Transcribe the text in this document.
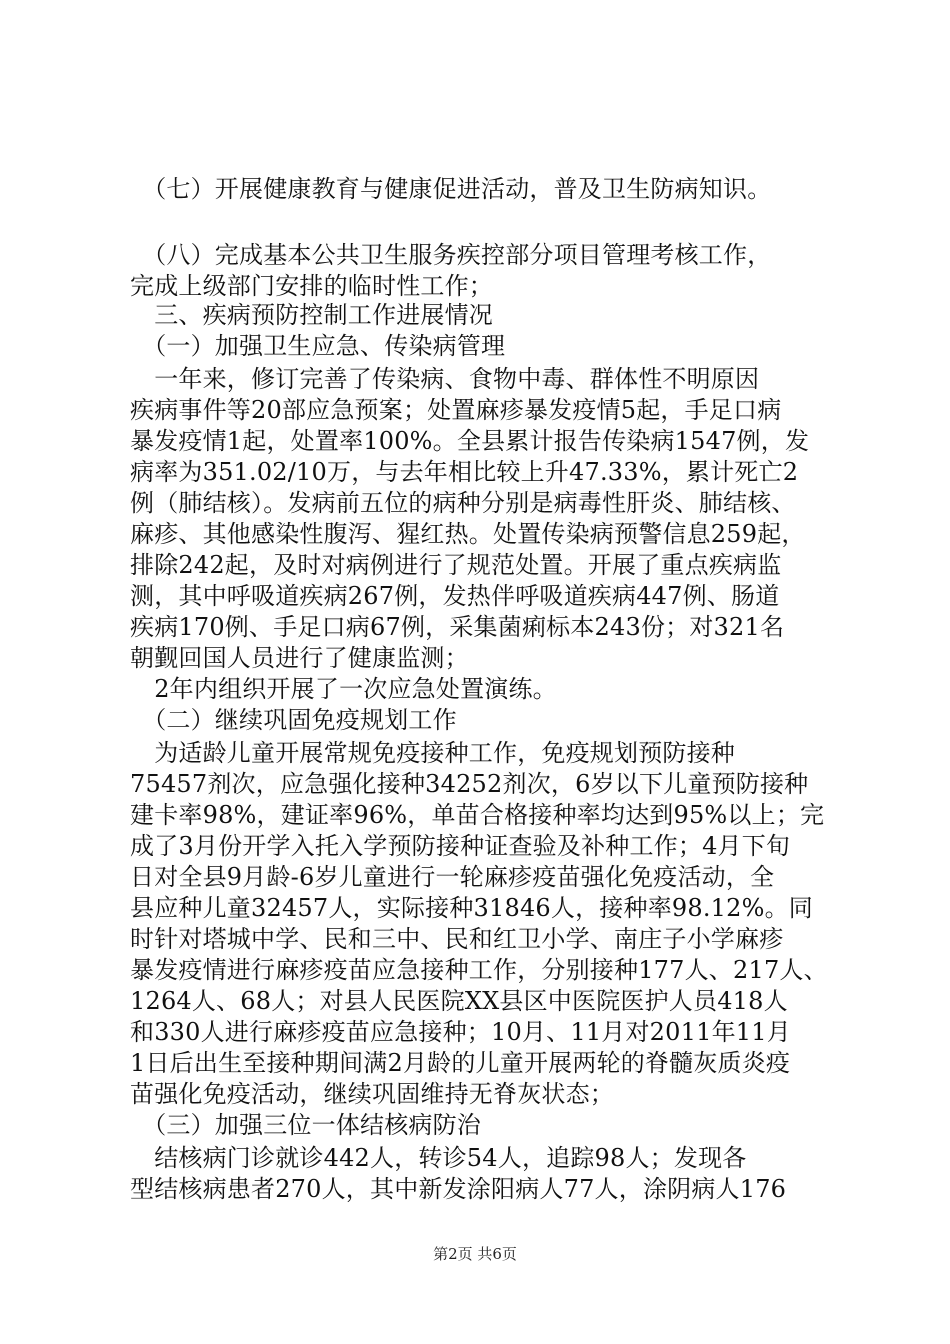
　（七）开展健康教育与健康促进活动，普及卫生防病知识。
　（八）完成基本公共卫生服务疾控部分项目管理考核工作，
完成上级部门安排的临时性工作；
　三、疾病预防控制工作进展情况
　（一）加强卫生应急、传染病管理
　一年来，修订完善了传染病、食物中毒、群体性不明原因
疾病事件等20部应急预案；处置麻疹暴发疫情5起，手足口病
暴发疫情1起，处置率100%。全县累计报告传染病1547例，发
病率为351.02/10万，与去年相比较上升47.33%，累计死亡2
例（肺结核）。发病前五位的病种分别是病毒性肝炎、肺结核、
麻疹、其他感染性腹泻、猩红热。处置传染病预警信息259起，
排除242起，及时对病例进行了规范处置。开展了重点疾病监
测，其中呼吸道疾病267例，发热伴呼吸道疾病447例、肠道
疾病170例、手足口病67例，采集菌痢标本243份；对321名
朝觐回国人员进行了健康监测；
　2年内组织开展了一次应急处置演练。
　（二）继续巩固免疫规划工作
　为适龄儿童开展常规免疫接种工作，免疫规划预防接种
75457剂次，应急强化接种34252剂次，6岁以下儿童预防接种
建卡率98%，建证率96%，单苗合格接种率均达到95%以上；完
成了3月份开学入托入学预防接种证查验及补种工作；4月下旬
日对全县9月龄-6岁儿童进行一轮麻疹疫苗强化免疫活动，全
县应种儿童32457人，实际接种31846人，接种率98.12%。同
时针对塔城中学、民和三中、民和红卫小学、南庄子小学麻疹
暴发疫情进行麻疹疫苗应急接种工作，分别接种177人、217人、
1264人、68人；对县人民医院XX县区中医院医护人员418人
和330人进行麻疹疫苗应急接种；10月、11月对2011年11月
1日后出生至接种期间满2月龄的儿童开展两轮的脊髓灰质炎疫
苗强化免疫活动，继续巩固维持无脊灰状态；
　（三）加强三位一体结核病防治
　结核病门诊就诊442人，转诊54人，追踪98人；发现各
型结核病患者270人，其中新发涂阳病人77人，涂阴病人176
第2页 共6页
